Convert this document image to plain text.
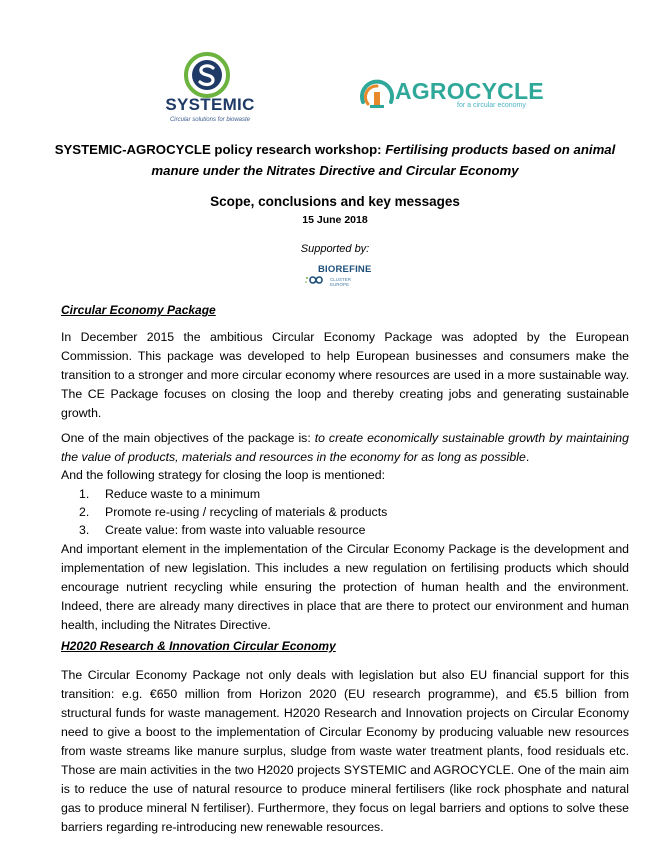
SYSTEMIC
Circular solutions for biowaste
AGROCYCLE
for a circular economy
SYSTEMIC-AGROCYCLE policy research workshop: Fertilising products based on animal
manure under the Nitrates Directive and Circular Economy
Scope, conclusions and key messages
15 June 2018
Supported by:
BIOREFINE
CLUSTER EUROPE
Circular Economy Package

In December 2015 the ambitious Circular Economy Package was adopted by the European Commission. This package was developed to help European businesses and consumers make the transition to a stronger and more circular economy where resources are used in a more sustainable way. The CE Package focuses on closing the loop and thereby creating jobs and generating sustainable growth.

One of the main objectives of the package is: to create economically sustainable growth by maintaining the value of products, materials and resources in the economy for as long as possible.

And the following strategy for closing the loop is mentioned:

1.	Reduce waste to a minimum
2.	Promote re-using / recycling of materials & products
3.	Create value: from waste into valuable resource

And important element in the implementation of the Circular Economy Package is the development and implementation of new legislation. This includes a new regulation on fertilising products which should encourage nutrient recycling while ensuring the protection of human health and the environment. Indeed, there are already many directives in place that are there to protect our environment and human health, including the Nitrates Directive.

H2020 Research & Innovation Circular Economy

The Circular Economy Package not only deals with legislation but also EU financial support for this transition: e.g. €650 million from Horizon 2020 (EU research programme), and €5.5 billion from structural funds for waste management. H2020 Research and Innovation projects on Circular Economy need to give a boost to the implementation of Circular Economy by producing valuable new resources from waste streams like manure surplus, sludge from waste water treatment plants, food residuals etc. Those are main activities in the two H2020 projects SYSTEMIC and AGROCYCLE. One of the main aim is to reduce the use of natural resource to produce mineral fertilisers (like rock phosphate and natural gas to produce mineral N fertiliser). Furthermore, they focus on legal barriers and options to solve these barriers regarding re-introducing new renewable resources.
